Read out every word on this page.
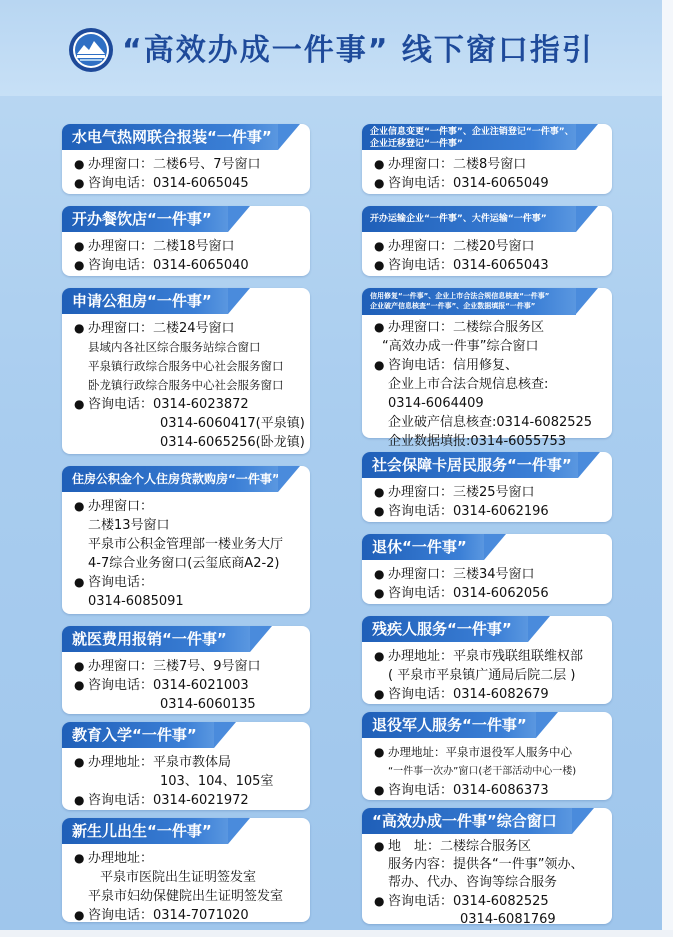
“高效办成一件事” 线下窗口指引
水电气热网联合报装“一件事”
● 办理窗口：二楼6号、7号窗口
● 咨询电话：0314-6065045
开办餐饮店“一件事”
● 办理窗口：二楼18号窗口
● 咨询电话：0314-6065040
申请公租房“一件事”
● 办理窗口：二楼24号窗口
县域内各社区综合服务站综合窗口
平泉镇行政综合服务中心社会服务窗口
卧龙镇行政综合服务中心社会服务窗口
● 咨询电话：0314-6023872
0314-6060417(平泉镇)
0314-6065256(卧龙镇)
住房公积金个人住房贷款购房“一件事”
● 办理窗口：
二楼13号窗口
平泉市公积金管理部一楼业务大厅
4-7综合业务窗口(云玺底商A2-2)
● 咨询电话：
0314-6085091
就医费用报销“一件事”
● 办理窗口：三楼7号、9号窗口
● 咨询电话：0314-6021003
0314-6060135
教育入学“一件事”
● 办理地址：平泉市教体局
103、104、105室
● 咨询电话：0314-6021972
新生儿出生“一件事”
● 办理地址：
平泉市医院出生证明签发室
平泉市妇幼保健院出生证明签发室
● 咨询电话：0314-7071020
企业信息变更“一件事”、企业注销登记“一件事”、
企业迁移登记“一件事”
● 办理窗口：二楼8号窗口
● 咨询电话：0314-6065049
开办运输企业“一件事”、大件运输“一件事”
● 办理窗口：二楼20号窗口
● 咨询电话：0314-6065043
信用修复“一件事”、企业上市合法合规信息核查“一件事”
企业破产信息核查“一件事”、企业数据填报“一件事”
● 办理窗口：二楼综合服务区
“高效办成一件事”综合窗口
● 咨询电话：信用修复、
企业上市合法合规信息核查:
0314-6064409
企业破产信息核查:0314-6082525
企业数据填报:0314-6055753
社会保障卡居民服务“一件事”
● 办理窗口：三楼25号窗口
● 咨询电话：0314-6062196
退休“一件事”
● 办理窗口：三楼34号窗口
● 咨询电话：0314-6062056
残疾人服务“一件事”
● 办理地址：平泉市残联组联维权部
( 平泉市平泉镇广通局后院二层 )
● 咨询电话：0314-6082679
退役军人服务“一件事”
● 办理地址：平泉市退役军人服务中心
“一件事一次办”窗口(老干部活动中心一楼)
● 咨询电话：0314-6086373
“高效办成一件事”综合窗口
● 地　址：二楼综合服务区
服务内容：提供各“一件事”领办、
帮办、代办、咨询等综合服务
● 咨询电话：0314-6082525
0314-6081769
